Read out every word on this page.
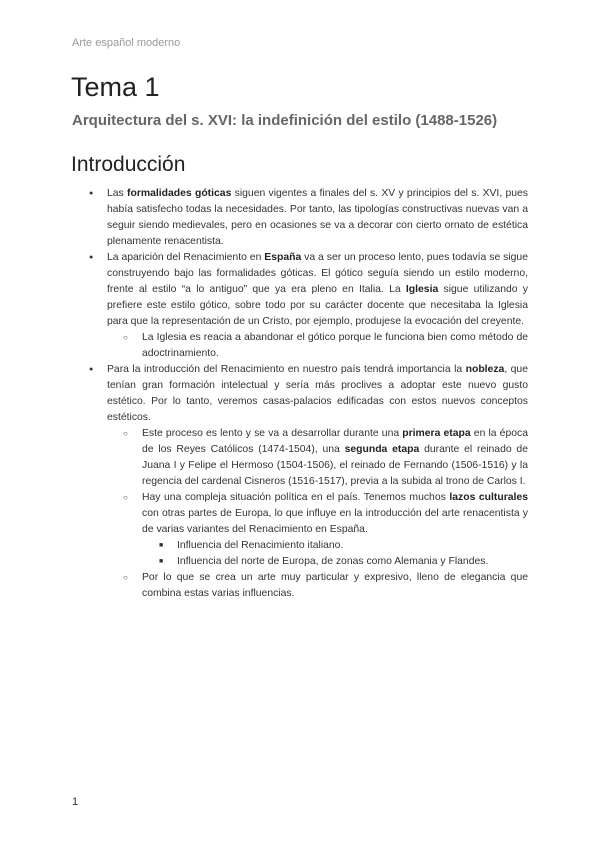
Arte español moderno
Tema 1
Arquitectura del s. XVI: la indefinición del estilo (1488-1526)
Introducción
● Las formalidades góticas siguen vigentes a finales del s. XV y principios del s. XVI, pues había satisfecho todas la necesidades. Por tanto, las tipologías constructivas nuevas van a seguir siendo medievales, pero en ocasiones se va a decorar con cierto ornato de estética plenamente renacentista.
● La aparición del Renacimiento en España va a ser un proceso lento, pues todavía se sigue construyendo bajo las formalidades góticas. El gótico seguía siendo un estilo moderno, frente al estilo “a lo antiguo” que ya era pleno en Italia. La Iglesia sigue utilizando y prefiere este estilo gótico, sobre todo por su carácter docente que necesitaba la Iglesia para que la representación de un Cristo, por ejemplo, produjese la evocación del creyente.
○ La Iglesia es reacia a abandonar el gótico porque le funciona bien como método de adoctrinamiento.
● Para la introducción del Renacimiento en nuestro país tendrá importancia la nobleza, que tenían gran formación intelectual y sería más proclives a adoptar este nuevo gusto estético. Por lo tanto, veremos casas-palacios edificadas con estos nuevos conceptos estéticos.
○ Este proceso es lento y se va a desarrollar durante una primera etapa en la época de los Reyes Católicos (1474-1504), una segunda etapa durante el reinado de Juana I y Felipe el Hermoso (1504-1506), el reinado de Fernando (1506-1516) y la regencia del cardenal Cisneros (1516-1517), previa a la subida al trono de Carlos I.
○ Hay una compleja situación política en el país. Tenemos muchos lazos culturales con otras partes de Europa, lo que influye en la introducción del arte renacentista y de varias variantes del Renacimiento en España.
■ Influencia del Renacimiento italiano.
■ Influencia del norte de Europa, de zonas como Alemania y Flandes.
○ Por lo que se crea un arte muy particular y expresivo, lleno de elegancia que combina estas varias influencias.
1
